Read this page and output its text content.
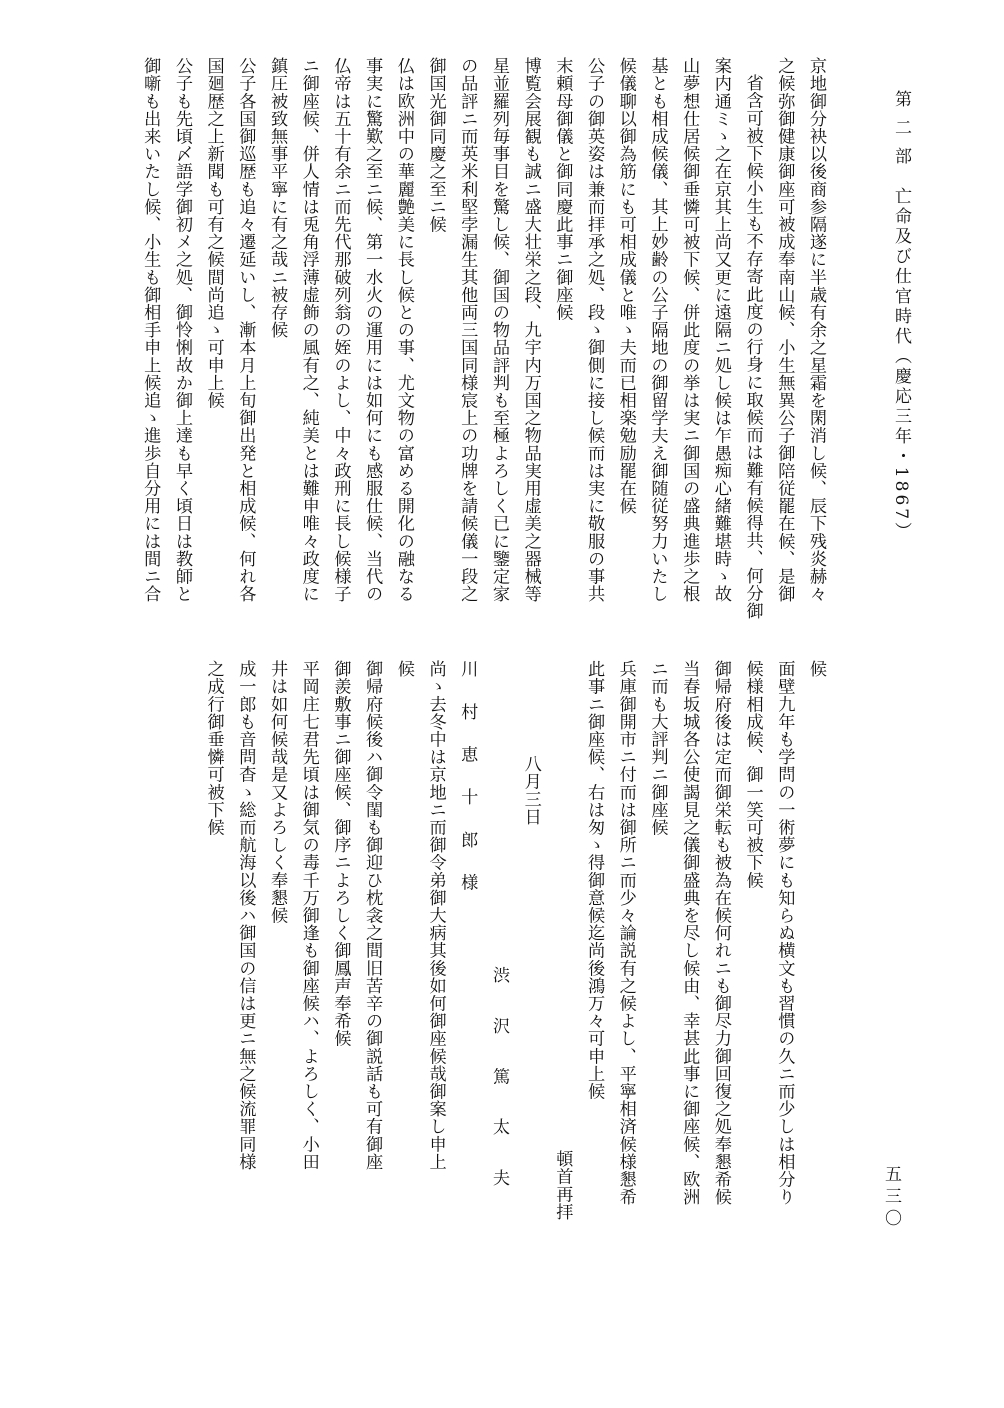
第 二 部　亡命及び仕官時代（慶応三年・1867）
五三〇
京地御分袂以後商参隔遂に半歳有余之星霜を閑消し候、辰下残炎赫々
之候弥御健康御座可被成奉南山候、小生無異公子御陪従罷在候、是御
省含可被下候小生も不存寄此度の行身に取候而は難有候得共、何分御
案内通ミゝ之在京其上尚又更に遠隔ニ処し候は乍愚痴心緒難堪時ゝ故
山夢想仕居候御垂憐可被下候、併此度の挙は実ニ御国の盛典進歩之根
基とも相成候儀、其上妙齢の公子隔地の御留学夫え御随従努力いたし
候儀聊以御為筋にも可相成儀と唯ゝ夫而已相楽勉励罷在候
公子の御英姿は兼而拝承之処、段ゝ御側に接し候而は実に敬服の事共
末頼母御儀と御同慶此事ニ御座候
博覧会展観も誠ニ盛大壮栄之段、九宇内万国之物品実用虚美之器械等
星並羅列毎事目を驚し候、御国の物品評判も至極よろしく已に鑒定家
の品評ニ而英米利堅孛漏生其他両三国同様宸上の功牌を請候儀一段之
御国光御同慶之至ニ候
仏は欧洲中の華麗艶美に長し候との事、尤文物の富める開化の融なる
事実に驚歎之至ニ候、第一水火の運用には如何にも感服仕候、当代の
仏帝は五十有余ニ而先代那破列翁の姪のよし、中々政刑に長し候様子
ニ御座候、併人情は兎角浮薄虚飾の風有之、純美とは難申唯々政度に
鎮圧被致無事平寧に有之哉ニ被存候
公子各国御巡歴も追々遷延いし、漸本月上旬御出発と相成候、何れ各
国廻歴之上新聞も可有之候間尚追ゝ可申上候
公子も先頃〆語学御初メ之処、御怜悧故か御上達も早く頃日は教師と
御噺も出来いたし候、小生も御相手申上候追ゝ進歩自分用には間ニ合
候
面壁九年も学問の一術夢にも知らぬ横文も習慣の久ニ而少しは相分り
候様相成候、御一笑可被下候
御帰府後は定而御栄転も被為在候何れニも御尽力御回復之処奉懇希候
当春坂城各公使謁見之儀御盛典を尽し候由、幸甚此事に御座候、欧洲
ニ而も大評判ニ御座候
兵庫御開市ニ付而は御所ニ而少々論説有之候よし、平寧相済候様懇希
此事ニ御座候、右は匆ゝ得御意候迄尚後鴻万々可申上候
頓首再拝
八月三日
渋 沢 篤 太 夫
川 村 恵 十 郎 様
尚ゝ去冬中は京地ニ而御令弟御大病其後如何御座候哉御案し申上
候
御帰府候後ハ御令閨も御迎ひ枕衾之間旧苦辛の御説話も可有御座
御羨敷事ニ御座候、御序ニよろしく御鳳声奉希候
平岡庄七君先頃は御気の毒千万御逢も御座候ハ、よろしく、小田
井は如何候哉是又よろしく奉懇候
成一郎も音問杳ゝ総而航海以後ハ御国の信は更ニ無之候流罪同様
之成行御垂憐可被下候
